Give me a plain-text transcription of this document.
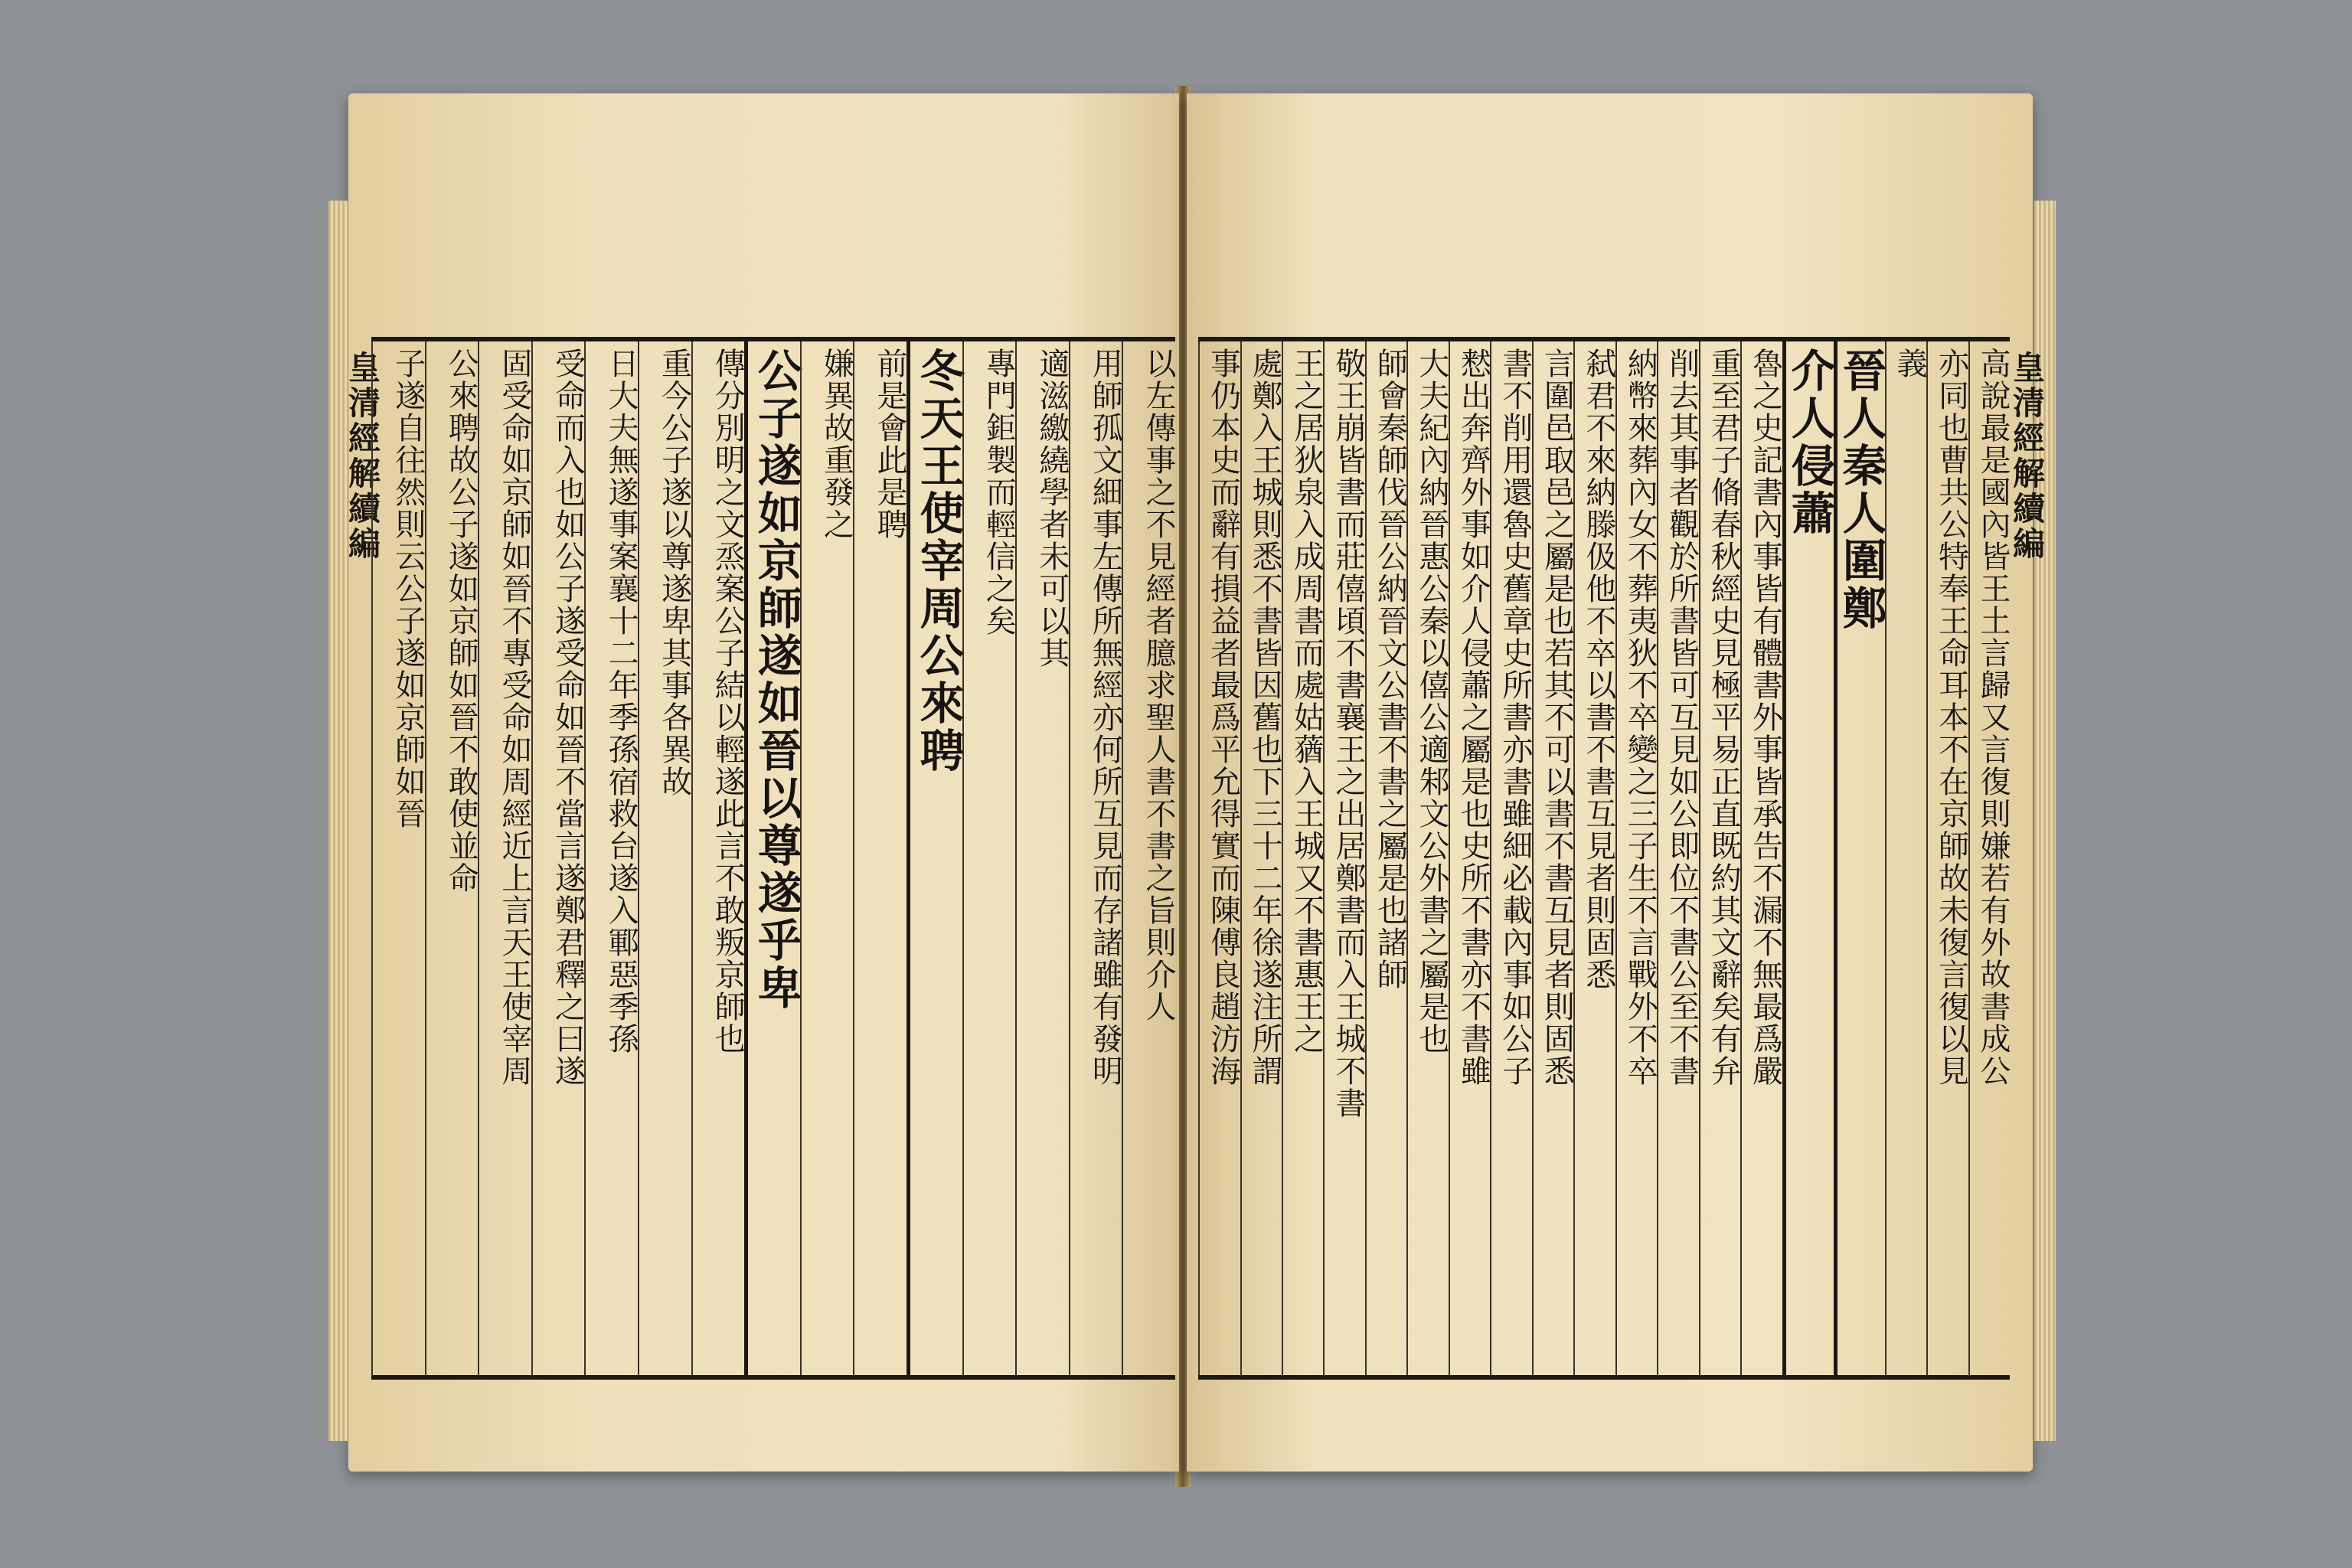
皇清經解續編	以左傳事之不見經者臆求聖人書不書之旨則介人
用師孤文細事左傳所無經亦何所互見而存諸雖有發明
適滋繳繞學者未可以其
專門鉅製而輕信之矣
冬天王使宰周公來聘
前是會此是聘
嫌異故重發之
公子遂如京師遂如晉以尊遂乎卑
傳分別明之文烝案公子結以輕遂此言不敢叛京師也
重今公子遂以尊遂卑其事各異故
日大夫無遂事案襄十二年季孫宿救台遂入鄆惡季孫
受命而入也如公子遂受命如晉不當言遂鄭君釋之曰遂
固受命如京師如晉不專受命如周經近上言天王使宰周
公來聘故公子遂如京師如晉不敢使並命
子遂自往然則云公子遂如京師如晉	皇清經解續編
高說最是國內皆王土言歸又言復則嫌若有外故書成公
亦同也曹共公特奉王命耳本不在京師故未復言復以見
義
晉人秦人圍鄭
介人侵蕭
魯之史記書內事皆有體書外事皆承告不漏不無最爲嚴
重至君子脩春秋經史見極平易正直既約其文辭矣有弁
削去其事者觀於所書皆可互見如公即位不書公至不書
納幣來葬內女不葬夷狄不卒變之三子生不言戰外不卒
弑君不來納滕伋他不卒以書不書互見者則固悉
言圍邑取邑之屬是也若其不可以書不書互見者則固悉
書不削用還魯史舊章史所書亦書雖細必載內事如公子
慭出奔齊外事如介人侵蕭之屬是也史所不書亦不書雖
大夫紀內納晉惠公秦以僖公適邾文公外書之屬是也
師會秦師伐晉公納晉文公書不書之屬是也諸師
敬王崩皆書而莊僖頃不書襄王之出居鄭書而入王城不書
王之居狄泉入成周書而處姑蕕入王城又不書惠王之
處鄭入王城則悉不書皆因舊也下三十二年徐遂注所謂
事仍本史而辭有損益者最爲平允得實而陳傅良趙汸海
